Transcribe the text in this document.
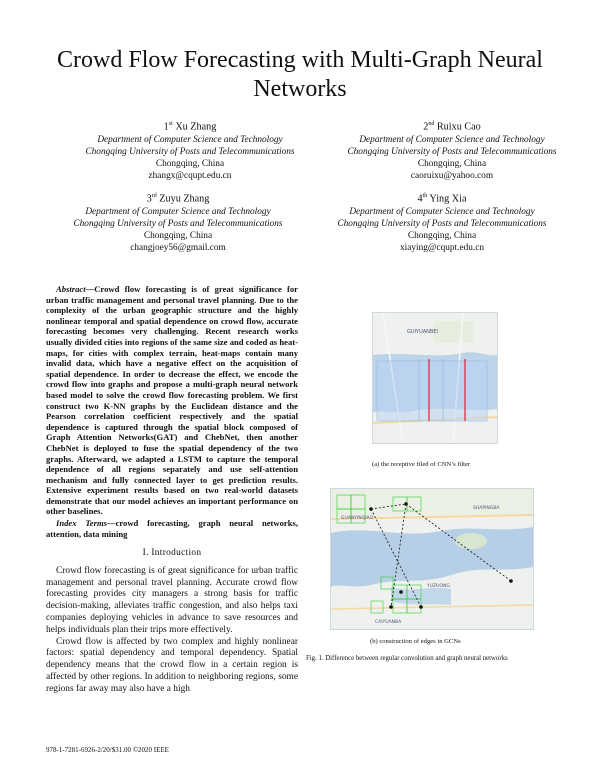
Crowd Flow Forecasting with Multi-Graph Neural Networks
1st Xu Zhang
Department of Computer Science and Technology
Chongqing University of Posts and Telecommunications
Chongqing, China
zhangx@cqupt.edu.cn
2nd Ruixu Cao
Department of Computer Science and Technology
Chongqing University of Posts and Telecommunications
Chongqing, China
caoruixu@yahoo.com
3rd Zuyu Zhang
Department of Computer Science and Technology
Chongqing University of Posts and Telecommunications
Chongqing, China
changjoey56@gmail.com
4th Ying Xia
Department of Computer Science and Technology
Chongqing University of Posts and Telecommunications
Chongqing, China
xiaying@cqupt.edu.cn

Abstract—Crowd flow forecasting is of great significance for urban traffic management and personal travel planning. Due to the complexity of the urban geographic structure and the highly nonlinear temporal and spatial dependence on crowd flow, accurate forecasting becomes very challenging. Recent research works usually divided cities into regions of the same size and coded as heat-maps, for cities with complex terrain, heat-maps contain many invalid data, which have a negative effect on the acquisition of spatial dependence. In order to decrease the effect, we encode the crowd flow into graphs and propose a multi-graph neural network based model to solve the crowd flow forecasting problem. We first construct two K-NN graphs by the Euclidean distance and the Pearson correlation coefficient respectively and the spatial dependence is captured through the spatial block composed of Graph Attention Networks(GAT) and ChebNet, then another ChebNet is deployed to fuse the spatial dependency of the two graphs. Afterward, we adapted a LSTM to capture the temporal dependence of all regions separately and use self-attention mechanism and fully connected layer to get prediction results. Extensive experiment results based on two real-world datasets demonstrate that our model achieves an important performance on other baselines.

Index Terms—crowd forecasting, graph neural networks, attention, data mining

I. Introduction

Crowd flow forecasting is of great significance for urban traffic management and personal travel planning. Accurate crowd flow forecasting provides city managers a strong basis for traffic decision-making, alleviates traffic congestion, and also helps taxi companies deploying vehicles in advance to save resources and helps individuals plan their trips more effectively.

Crowd flow is affected by two complex and highly nonlinear factors: spatial dependency and temporal dependency. Spatial dependency means that the crowd flow in a certain region is affected by other regions. In addition to neighboring regions, some regions far away may also have a high

GUIYUANBEI
(a) the receptive filed of CNN’s filter
GUANYINQIAO
SHAPINGBA
YUZHONG
CAIYUANBA
(b) construction of edges in GCNs
Fig. 1. Difference between regular convolution and graph neural networks
978-1-7281-6926-2/20/$31.00 ©2020 IEEE
